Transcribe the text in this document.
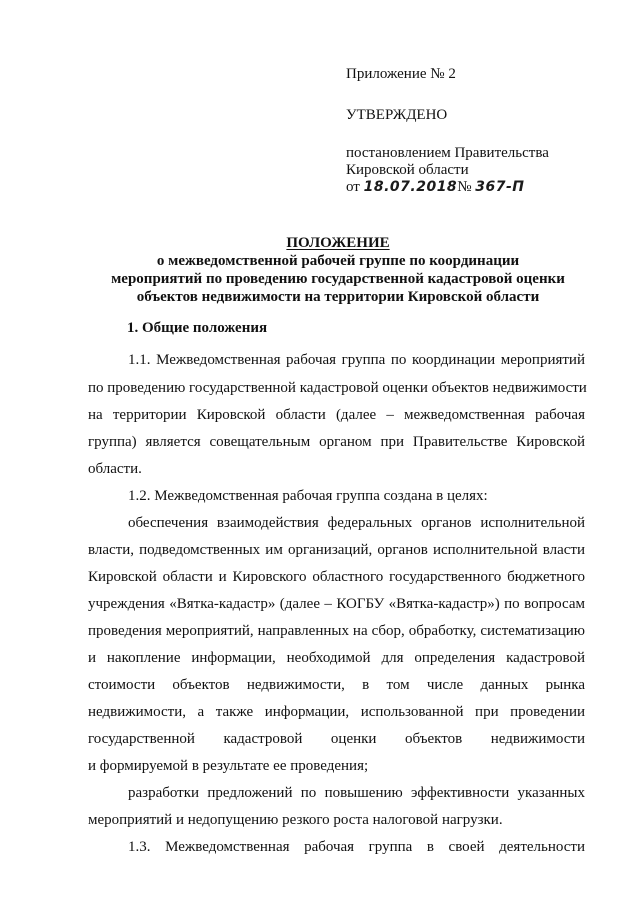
Приложение № 2
УТВЕРЖДЕНО
постановлением Правительства
Кировской области
от 18.07.2018№ 367-П
ПОЛОЖЕНИЕ
о межведомственной рабочей группе по координации
мероприятий по проведению государственной кадастровой оценки
объектов недвижимости на территории Кировской области
1. Общие положения
1.1. Межведомственная рабочая группа по координации мероприятий
по проведению государственной кадастровой оценки объектов недвижимости
на территории Кировской области (далее – межведомственная рабочая
группа) является совещательным органом при Правительстве Кировской
области.
1.2. Межведомственная рабочая группа создана в целях:
обеспечения взаимодействия федеральных органов исполнительной
власти, подведомственных им организаций, органов исполнительной власти
Кировской области и Кировского областного государственного бюджетного
учреждения «Вятка-кадастр» (далее – КОГБУ «Вятка-кадастр») по вопросам
проведения мероприятий, направленных на сбор, обработку, систематизацию
и накопление информации, необходимой для определения кадастровой
стоимости объектов недвижимости, в том числе данных рынка
недвижимости, а также информации, использованной при проведении
государственной кадастровой оценки объектов недвижимости
и формируемой в результате ее проведения;
разработки предложений по повышению эффективности указанных
мероприятий и недопущению резкого роста налоговой нагрузки.
1.3. Межведомственная рабочая группа в своей деятельности
